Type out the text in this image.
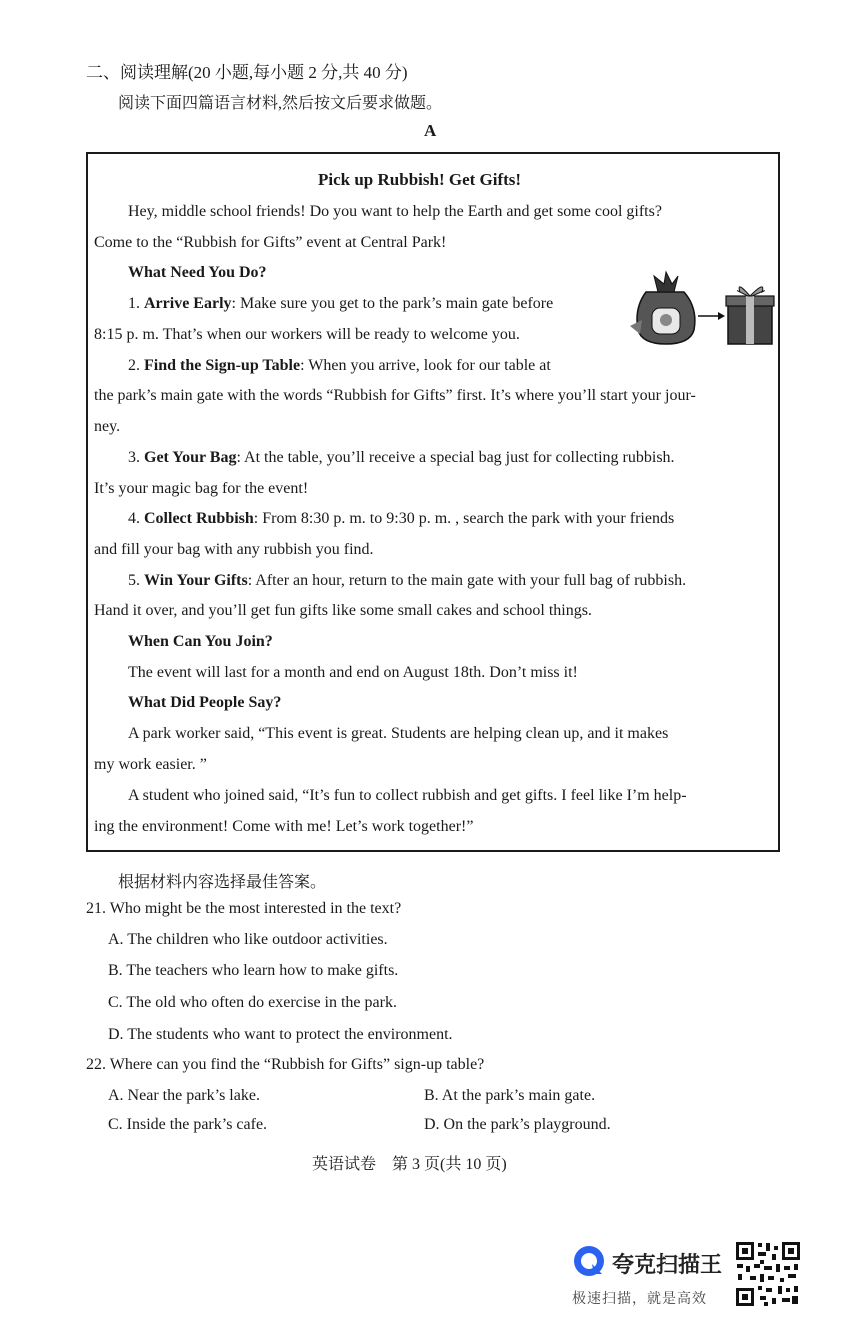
二、阅读理解(20 小题,每小题 2 分,共 40 分)
阅读下面四篇语言材料,然后按文后要求做题。
A
Pick up Rubbish! Get Gifts!
Hey, middle school friends! Do you want to help the Earth and get some cool gifts?
Come to the “Rubbish for Gifts” event at Central Park!
What Need You Do?
1. Arrive Early: Make sure you get to the park’s main gate before
8:15 p. m. That’s when our workers will be ready to welcome you.
2. Find the Sign-up Table: When you arrive, look for our table at
the park’s main gate with the words “Rubbish for Gifts” first. It’s where you’ll start your jour-
ney.
3. Get Your Bag: At the table, you’ll receive a special bag just for collecting rubbish.
It’s your magic bag for the event!
4. Collect Rubbish: From 8:30 p. m. to 9:30 p. m. , search the park with your friends
and fill your bag with any rubbish you find.
5. Win Your Gifts: After an hour, return to the main gate with your full bag of rubbish.
Hand it over, and you’ll get fun gifts like some small cakes and school things.
When Can You Join?
The event will last for a month and end on August 18th. Don’t miss it!
What Did People Say?
A park worker said, “This event is great. Students are helping clean up, and it makes
my work easier. ”
A student who joined said, “It’s fun to collect rubbish and get gifts. I feel like I’m help-
ing the environment! Come with me! Let’s work together!”
根据材料内容选择最佳答案。
21. Who might be the most interested in the text?
A. The children who like outdoor activities.
B. The teachers who learn how to make gifts.
C. The old who often do exercise in the park.
D. The students who want to protect the environment.
22. Where can you find the “Rubbish for Gifts” sign-up table?
A. Near the park’s lake.	B. At the park’s main gate.
C. Inside the park’s cafe.	D. On the park’s playground.
英语试卷　第 3 页(共 10 页)
夸克扫描王
极速扫描，就是高效
